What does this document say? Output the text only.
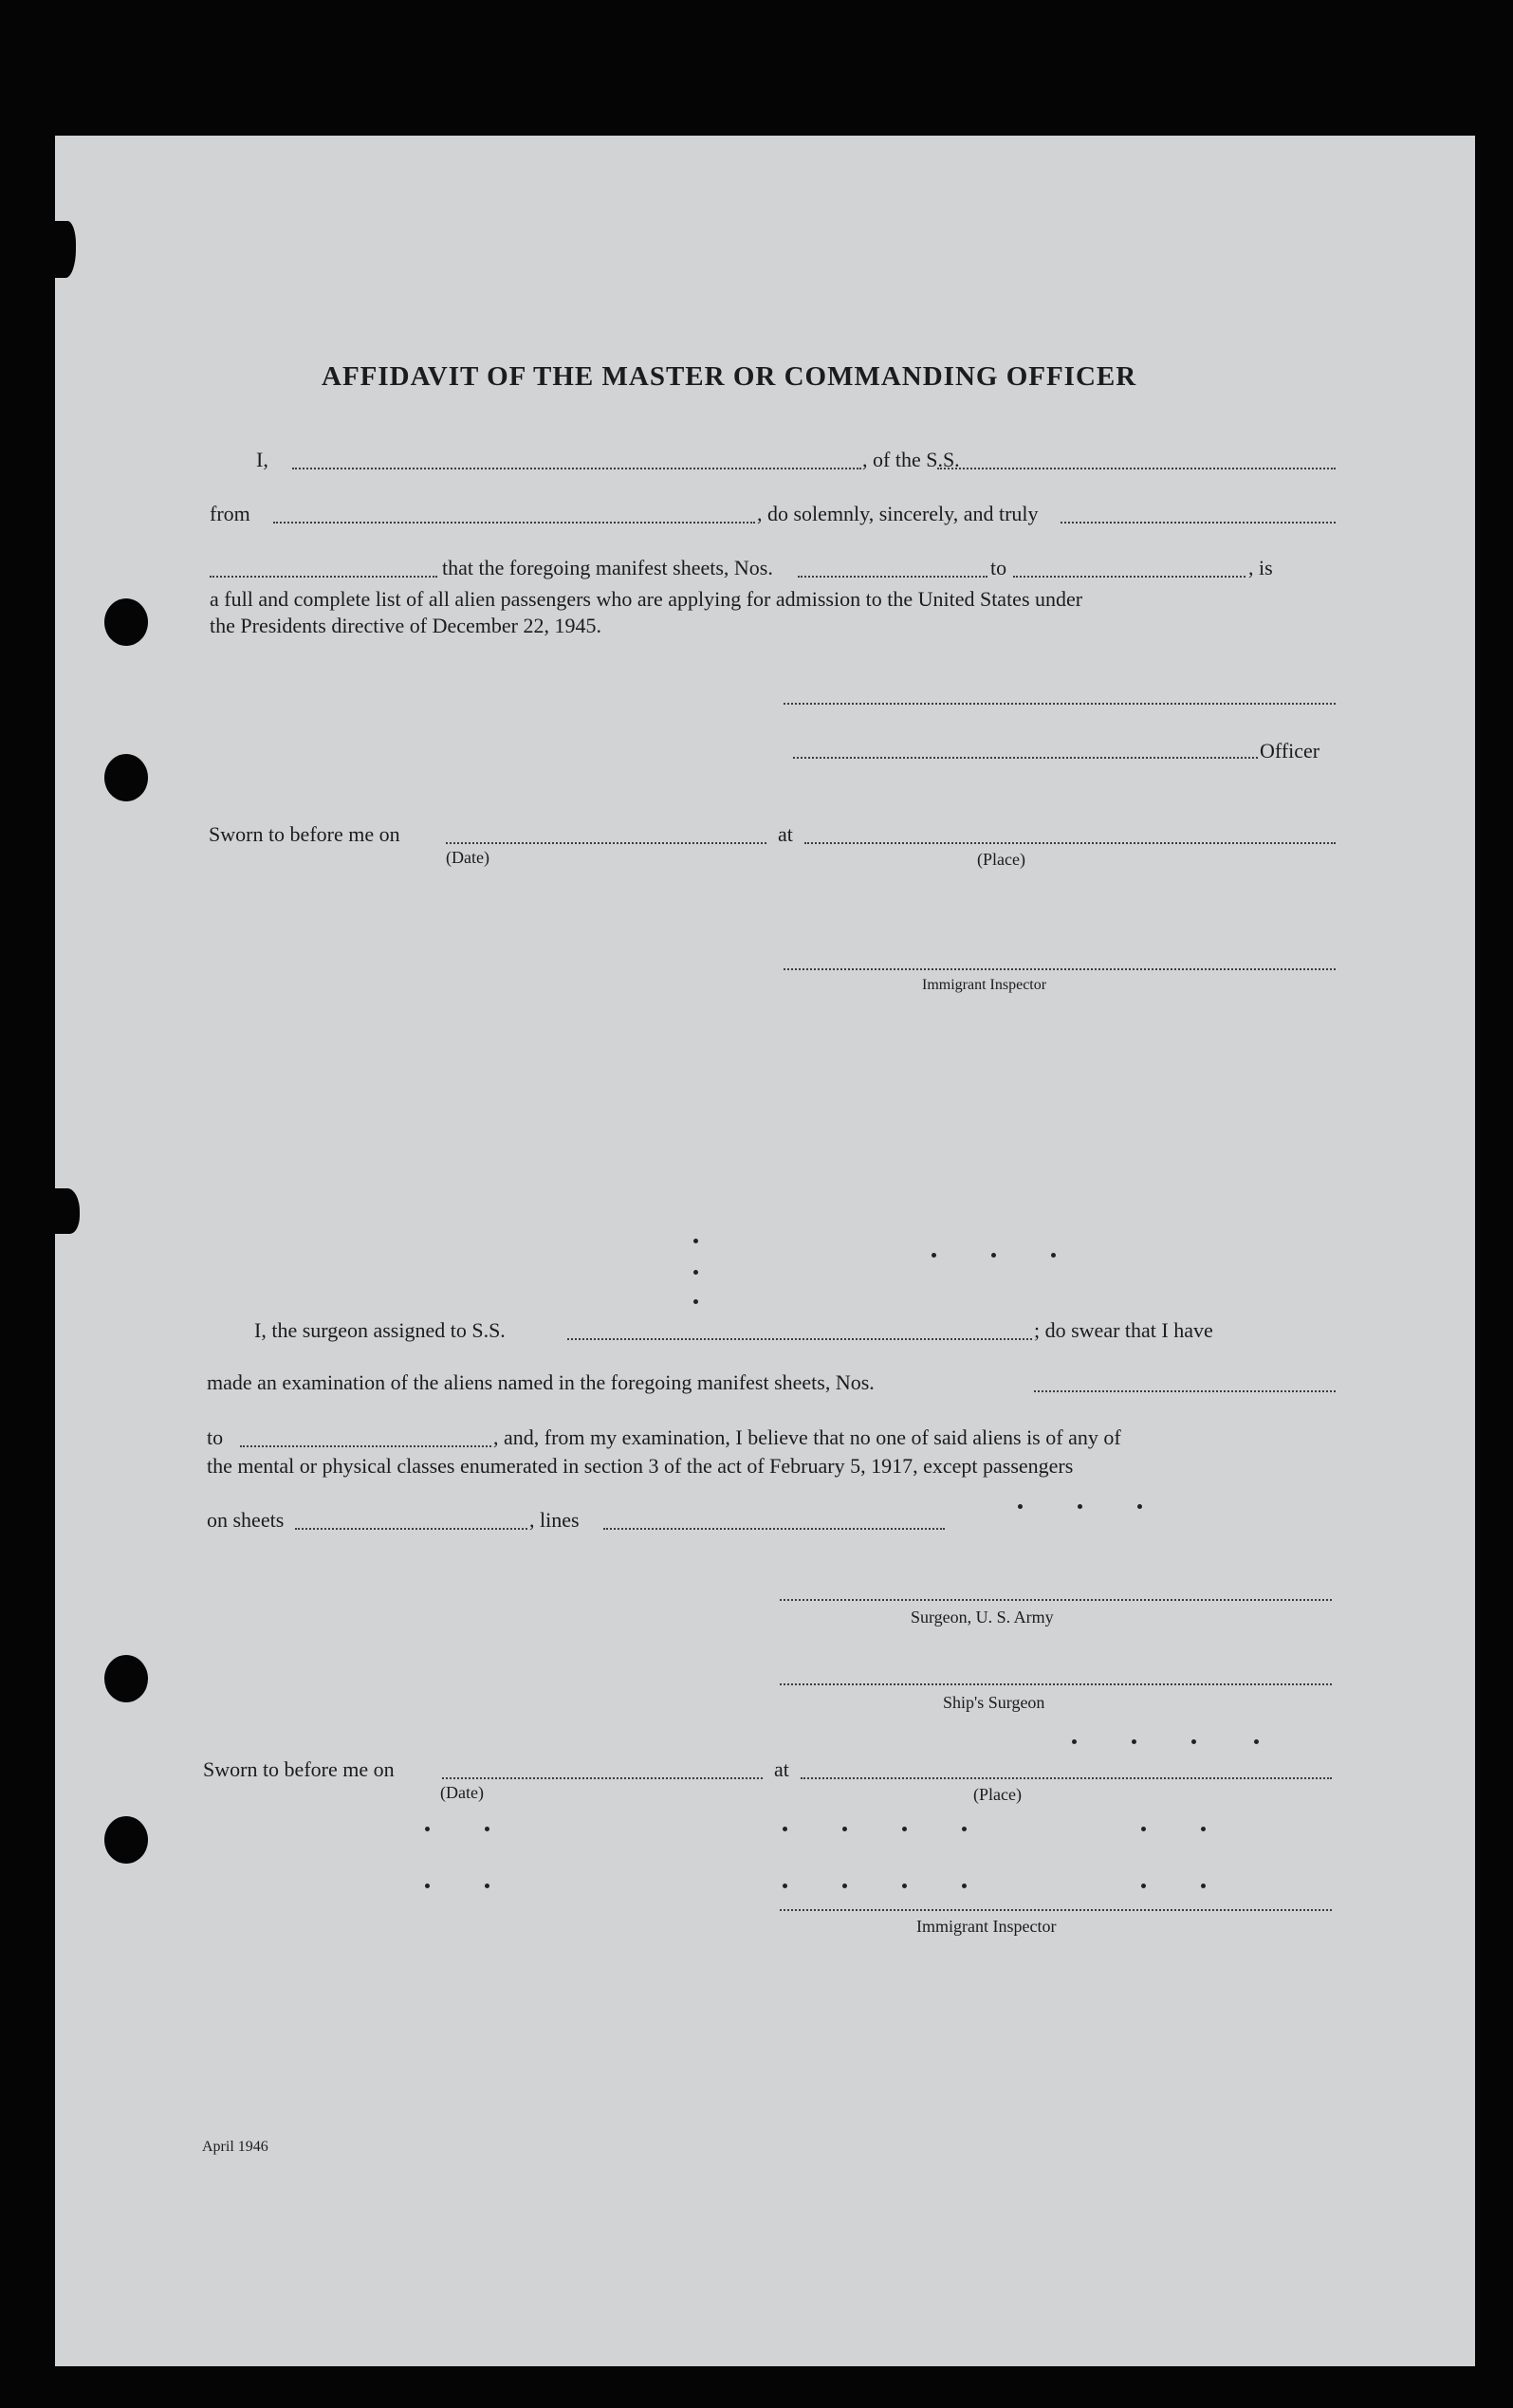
AFFIDAVIT OF THE MASTER OR COMMANDING OFFICER
I,	, of the S.S.
from	, do solemnly, sincerely, and truly
that the foregoing manifest sheets, Nos.	to	, is
a full and complete list of all alien passengers who are applying for admission to the United States under
the Presidents directive of December 22, 1945.
Officer
Sworn to before me on	at
(Date)	(Place)
Immigrant Inspector
I, the surgeon assigned to S.S.	; do swear that I have
made an examination of the aliens named in the foregoing manifest sheets, Nos.
to	, and, from my examination, I believe that no one of said aliens is of any of
the mental or physical classes enumerated in section 3 of the act of February 5, 1917, except passengers
on sheets	, lines
Surgeon, U. S. Army
Ship's Surgeon
Sworn to before me on	at
(Date)	(Place)
Immigrant Inspector
April 1946
